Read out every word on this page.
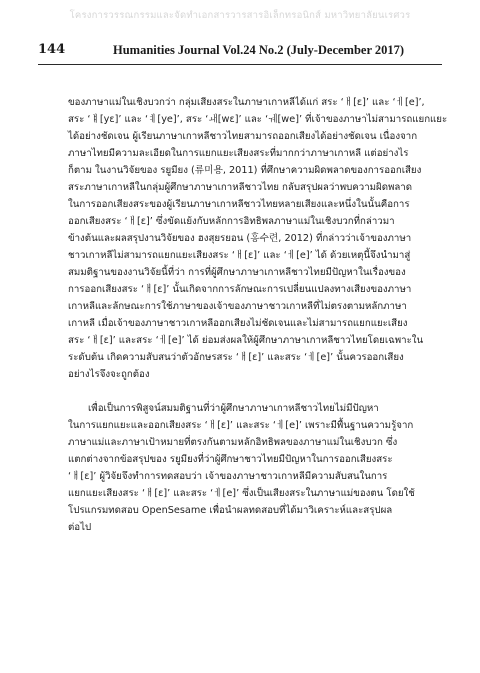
โครงการวรรณกรรมและจัดทำเอกสารวารสารอิเล็กทรอนิกส์ มหาวิทยาลัยนเรศวร
144	Humanities Journal Vol.24 No.2 (July-December 2017)
ของภาษาแม่ในเชิงบวกว่า กลุ่มเสียงสระในภาษาเกาหลีได้แก่ สระ ‘ㅐ[ɛ]’ และ ‘ㅔ[e]’,
สระ ‘ㅒ[yɛ]’ และ ‘ㅖ[ye]’, สระ ‘ㅙ[wɛ]’ และ ‘ㅞ[we]’ ที่เจ้าของภาษาไม่สามารถแยกแยะ
ได้อย่างชัดเจน ผู้เรียนภาษาเกาหลีชาวไทยสามารถออกเสียงได้อย่างชัดเจน เนื่องจาก
ภาษาไทยมีความละเอียดในการแยกแยะเสียงสระที่มากกว่าภาษาเกาหลี แต่อย่างไร
ก็ตาม ในงานวิจัยของ รยูมียง (류미용, 2011) ที่ศึกษาความผิดพลาดของการออกเสียง
สระภาษาเกาหลีในกลุ่มผู้ศึกษาภาษาเกาหลีชาวไทย กลับสรุปผลว่าพบความผิดพลาด
ในการออกเสียงสระของผู้เรียนภาษาเกาหลีชาวไทยหลายเสียงและหนึ่งในนั้นคือการ
ออกเสียงสระ ‘ㅐ[ɛ]’ ซึ่งขัดแย้งกับหลักการอิทธิพลภาษาแม่ในเชิงบวกที่กล่าวมา
ข้างต้นและผลสรุปงานวิจัยของ ฮงสุยรยอน (홍수련, 2012) ที่กล่าวว่าเจ้าของภาษา
ชาวเกาหลีไม่สามารถแยกแยะเสียงสระ ‘ㅐ[ɛ]’ และ ‘ㅔ[e]’ ได้ ด้วยเหตุนี้จึงนำมาสู่
สมมติฐานของงานวิจัยนี้ที่ว่า การที่ผู้ศึกษาภาษาเกาหลีชาวไทยมีปัญหาในเรื่องของ
การออกเสียงสระ ‘ㅐ[ɛ]’ นั้นเกิดจากการลักษณะการเปลี่ยนแปลงทางเสียงของภาษา
เกาหลีและลักษณะการใช้ภาษาของเจ้าของภาษาชาวเกาหลีที่ไม่ตรงตามหลักภาษา
เกาหลี เมื่อเจ้าของภาษาชาวเกาหลีออกเสียงไม่ชัดเจนและไม่สามารถแยกแยะเสียง
สระ ‘ㅐ[ɛ]’ และสระ ‘ㅔ[e]’ ได้ ย่อมส่งผลให้ผู้ศึกษาภาษาเกาหลีชาวไทยโดยเฉพาะใน
ระดับต้น เกิดความสับสนว่าตัวอักษรสระ ‘ㅐ[ɛ]’ และสระ ‘ㅔ[e]’ นั้นควรออกเสียง
อย่างไรจึงจะถูกต้อง
เพื่อเป็นการพิสูจน์สมมติฐานที่ว่าผู้ศึกษาภาษาเกาหลีชาวไทยไม่มีปัญหา
ในการแยกแยะและออกเสียงสระ ‘ㅐ[ɛ]’ และสระ ‘ㅔ[e]’ เพราะมีพื้นฐานความรู้จาก
ภาษาแม่และภาษาเป้าหมายที่ตรงกันตามหลักอิทธิพลของภาษาแม่ในเชิงบวก ซึ่ง
แตกต่างจากข้อสรุปของ รยูมียงที่ว่าผู้ศึกษาชาวไทยมีปัญหาในการออกเสียงสระ
‘ㅐ[ɛ]’ ผู้วิจัยจึงทำการทดสอบว่า เจ้าของภาษาชาวเกาหลีมีความสับสนในการ
แยกแยะเสียงสระ ‘ㅐ[ɛ]’ และสระ ‘ㅔ[e]’ ซึ่งเป็นเสียงสระในภาษาแม่ของตน โดยใช้
โปรแกรมทดสอบ OpenSesame เพื่อนำผลทดสอบที่ได้มาวิเคราะห์และสรุปผล
ต่อไป
